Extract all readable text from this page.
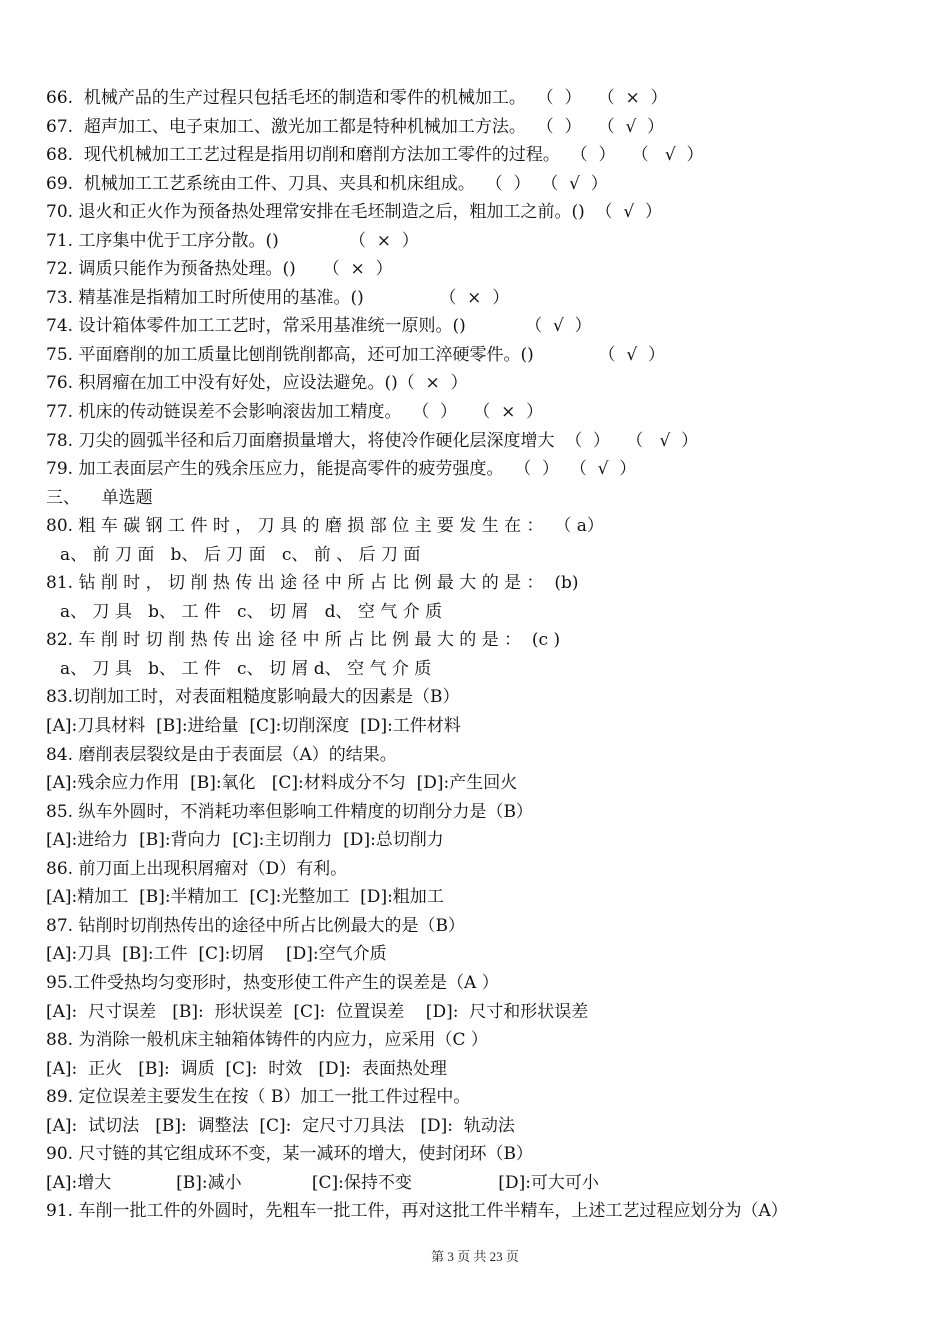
66.  机械产品的生产过程只包括毛坯的制造和零件的机械加工。  （  ）   （  ×  ）
67.  超声加工、电子束加工、激光加工都是特种机械加工方法。  （  ）   （  √  ）
68.  现代机械加工工艺过程是指用切削和磨削方法加工零件的过程。  （  ）   （   √  ）
69.  机械加工工艺系统由工件、刀具、夹具和机床组成。  （  ）  （  √  ）
70. 退火和正火作为预备热处理常安排在毛坯制造之后，粗加工之前。()  （  √  ）
71. 工序集中优于工序分散。()             （  ×  ）
72. 调质只能作为预备热处理。()     （  ×  ）
73. 精基准是指精加工时所使用的基准。()              （  ×  ）
74. 设计箱体零件加工工艺时，常采用基准统一原则。()           （  √  ）
75. 平面磨削的加工质量比刨削铣削都高，还可加工淬硬零件。()            （  √  ）
76. 积屑瘤在加工中没有好处，应设法避免。()（  ×  ）
77. 机床的传动链误差不会影响滚齿加工精度。  （  ）   （  ×  ）
78. 刀尖的圆弧半径和后刀面磨损量增大，将使冷作硬化层深度增大  （  ）   （   √  ）
79. 加工表面层产生的残余压应力，能提高零件的疲劳强度。  （  ）  （  √  ）
三、    单选题
80. 粗 车 碳 钢 工 件 时 ， 刀 具 的 磨 损 部 位 主 要 发 生 在 ：  （ a）
a、 前 刀 面   b、 后 刀 面   c、 前 、 后 刀 面
81. 钻 削 时 ， 切 削 热 传 出 途 径 中 所 占 比 例 最 大 的 是 ：  (b)
a、 刀 具   b、 工 件   c、 切 屑   d、 空 气 介 质
82. 车 削 时 切 削 热 传 出 途 径 中 所 占 比 例 最 大 的 是 ：  (c )
a、 刀 具   b、 工 件   c、 切 屑 d、 空 气 介 质
83.切削加工时，对表面粗糙度影响最大的因素是（B）
[A]:刀具材料  [B]:进给量  [C]:切削深度  [D]:工件材料
84. 磨削表层裂纹是由于表面层（A）的结果。
[A]:残余应力作用  [B]:氧化   [C]:材料成分不匀  [D]:产生回火
85. 纵车外圆时，不消耗功率但影响工件精度的切削分力是（B）
[A]:进给力  [B]:背向力  [C]:主切削力  [D]:总切削力
86. 前刀面上出现积屑瘤对（D）有利。
[A]:精加工  [B]:半精加工  [C]:光整加工  [D]:粗加工
87. 钻削时切削热传出的途径中所占比例最大的是（B）
[A]:刀具  [B]:工件  [C]:切屑    [D]:空气介质
95.工件受热均匀变形时，热变形使工件产生的误差是（A ）
[A]:  尺寸误差   [B]:  形状误差  [C]:  位置误差    [D]:  尺寸和形状误差
88. 为消除一般机床主轴箱体铸件的内应力，应采用（C ）
[A]:  正火   [B]:  调质  [C]:  时效   [D]:  表面热处理
89. 定位误差主要发生在按（ B）加工一批工件过程中。
[A]:  试切法   [B]:  调整法  [C]:  定尺寸刀具法   [D]:  轨动法
90. 尺寸链的其它组成环不变，某一减环的增大，使封闭环（B）
[A]:增大            [B]:减小             [C]:保持不变                [D]:可大可小
91. 车削一批工件的外圆时，先粗车一批工件，再对这批工件半精车，上述工艺过程应划分为（A）
第 3 页 共 23 页
